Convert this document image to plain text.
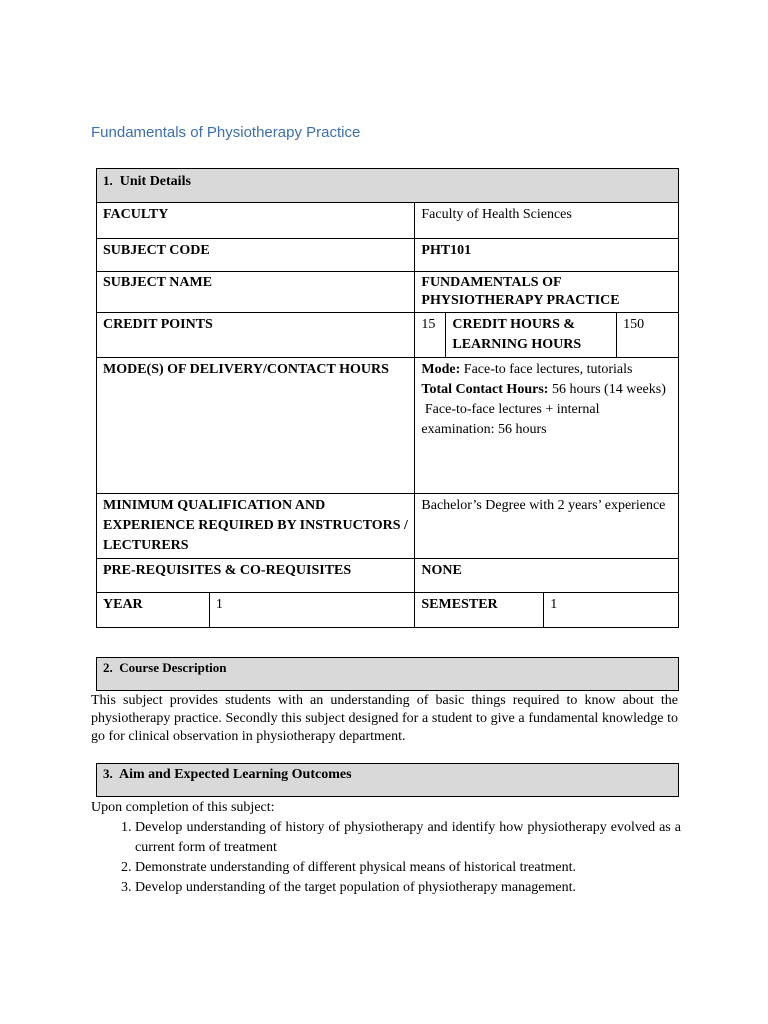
Fundamentals of Physiotherapy Practice
1. Unit Details					
FACULTY		Faculty of Health Sciences			
SUBJECT CODE		PHT101			
SUBJECT NAME		FUNDAMENTALS OF PHYSIOTHERAPY PRACTICE			
CREDIT POINTS		15	CREDIT HOURS & LEARNING HOURS		150
MODE(S) OF DELIVERY/CONTACT HOURS		Mode: Face-to face lectures, tutorials
Total Contact Hours: 56 hours (14 weeks)
Face-to-face lectures + internal examination: 56 hours			
MINIMUM QUALIFICATION AND EXPERIENCE REQUIRED BY INSTRUCTORS / LECTURERS		Bachelor’s Degree with 2 years’ experience			
PRE-REQUISITES & CO-REQUISITES		NONE			
YEAR	1	SEMESTER		1	
2. Course Description
This subject provides students with an understanding of basic things required to know about the physiotherapy practice. Secondly this subject designed for a student to give a fundamental knowledge to go for clinical observation in physiotherapy department.
3. Aim and Expected Learning Outcomes
Upon completion of this subject:
1. Develop understanding of history of physiotherapy and identify how physiotherapy evolved as a current form of treatment
2. Demonstrate understanding of different physical means of historical treatment.
3. Develop understanding of the target population of physiotherapy management.
